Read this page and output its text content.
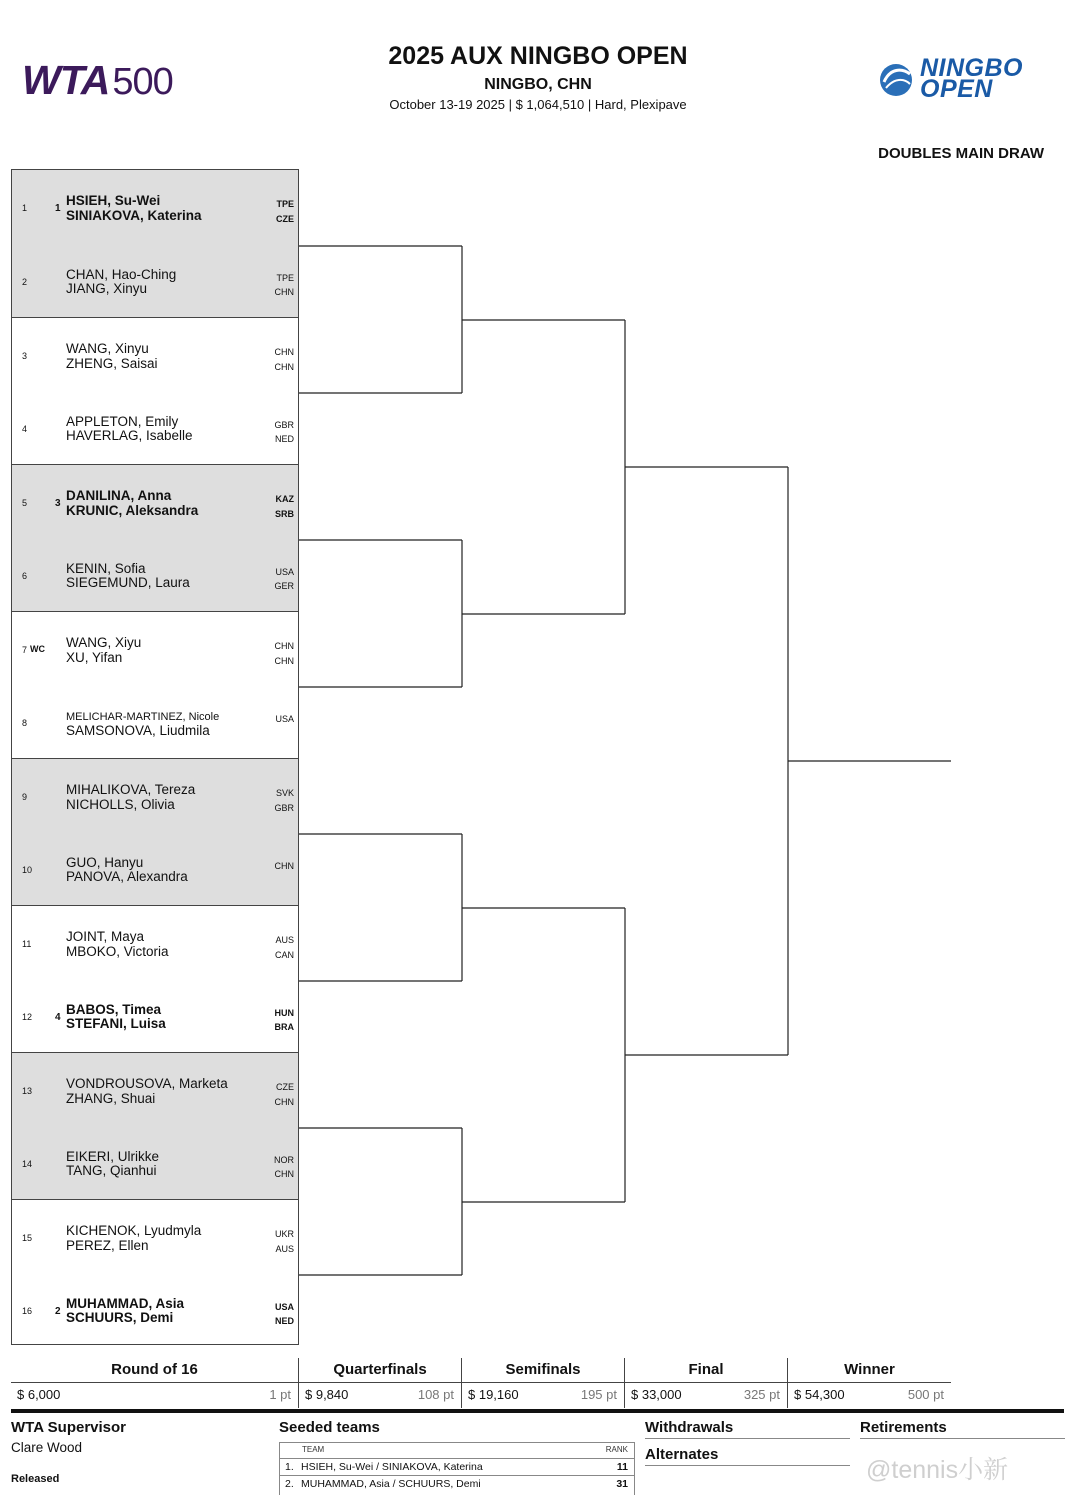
WTA500
2025 AUX NINGBO OPEN
NINGBO, CHN
October 13-19 2025 | $ 1,064,510 | Hard, Plexipave
NINGBO
OPEN
DOUBLES MAIN DRAW
1	1
HSIEH, Su-Wei
SINIAKOVA, Katerina
TPE
CZE
2	CHAN, Hao-Ching
JIANG, Xinyu
TPE
CHN
3	WANG, Xinyu
ZHENG, Saisai
CHN
CHN
4	APPLETON, Emily
HAVERLAG, Isabelle
GBR
NED
5	3
DANILINA, Anna
KRUNIC, Aleksandra
KAZ
SRB
6	KENIN, Sofia
SIEGEMUND, Laura
USA
GER
7 WC WANG, Xiyu
XU, Yifan
CHN
CHN
8	MELICHAR-MARTINEZ, Nicole
SAMSONOVA, Liudmila
USA

9	MIHALIKOVA, Tereza
NICHOLLS, Olivia
SVK
GBR
10	GUO, Hanyu
PANOVA, Alexandra
CHN

11	JOINT, Maya
MBOKO, Victoria
AUS
CAN
12	4
BABOS, Timea
STEFANI, Luisa
HUN
BRA
13	VONDROUSOVA, Marketa
ZHANG, Shuai
CZE
CHN
14	EIKERI, Ulrikke
TANG, Qianhui
NOR
CHN
15	KICHENOK, Lyudmyla
PEREZ, Ellen
UKR
AUS
16	2
MUHAMMAD, Asia
SCHUURS, Demi
USA
NED
Round of 16
$ 6,000	1 pt
Quarterfinals
$ 9,840	108 pt
Semifinals
$ 19,160	195 pt
Final
$ 33,000	325 pt
Winner
$ 54,300	500 pt
WTA Supervisor
Clare Wood
Released
Seeded teams
TEAM	RANK
1. HSIEH, Su-Wei / SINIAKOVA, Katerina	11
2. MUHAMMAD, Asia / SCHUURS, Demi	31
Withdrawals
Alternates
Retirements
@tennis小新
